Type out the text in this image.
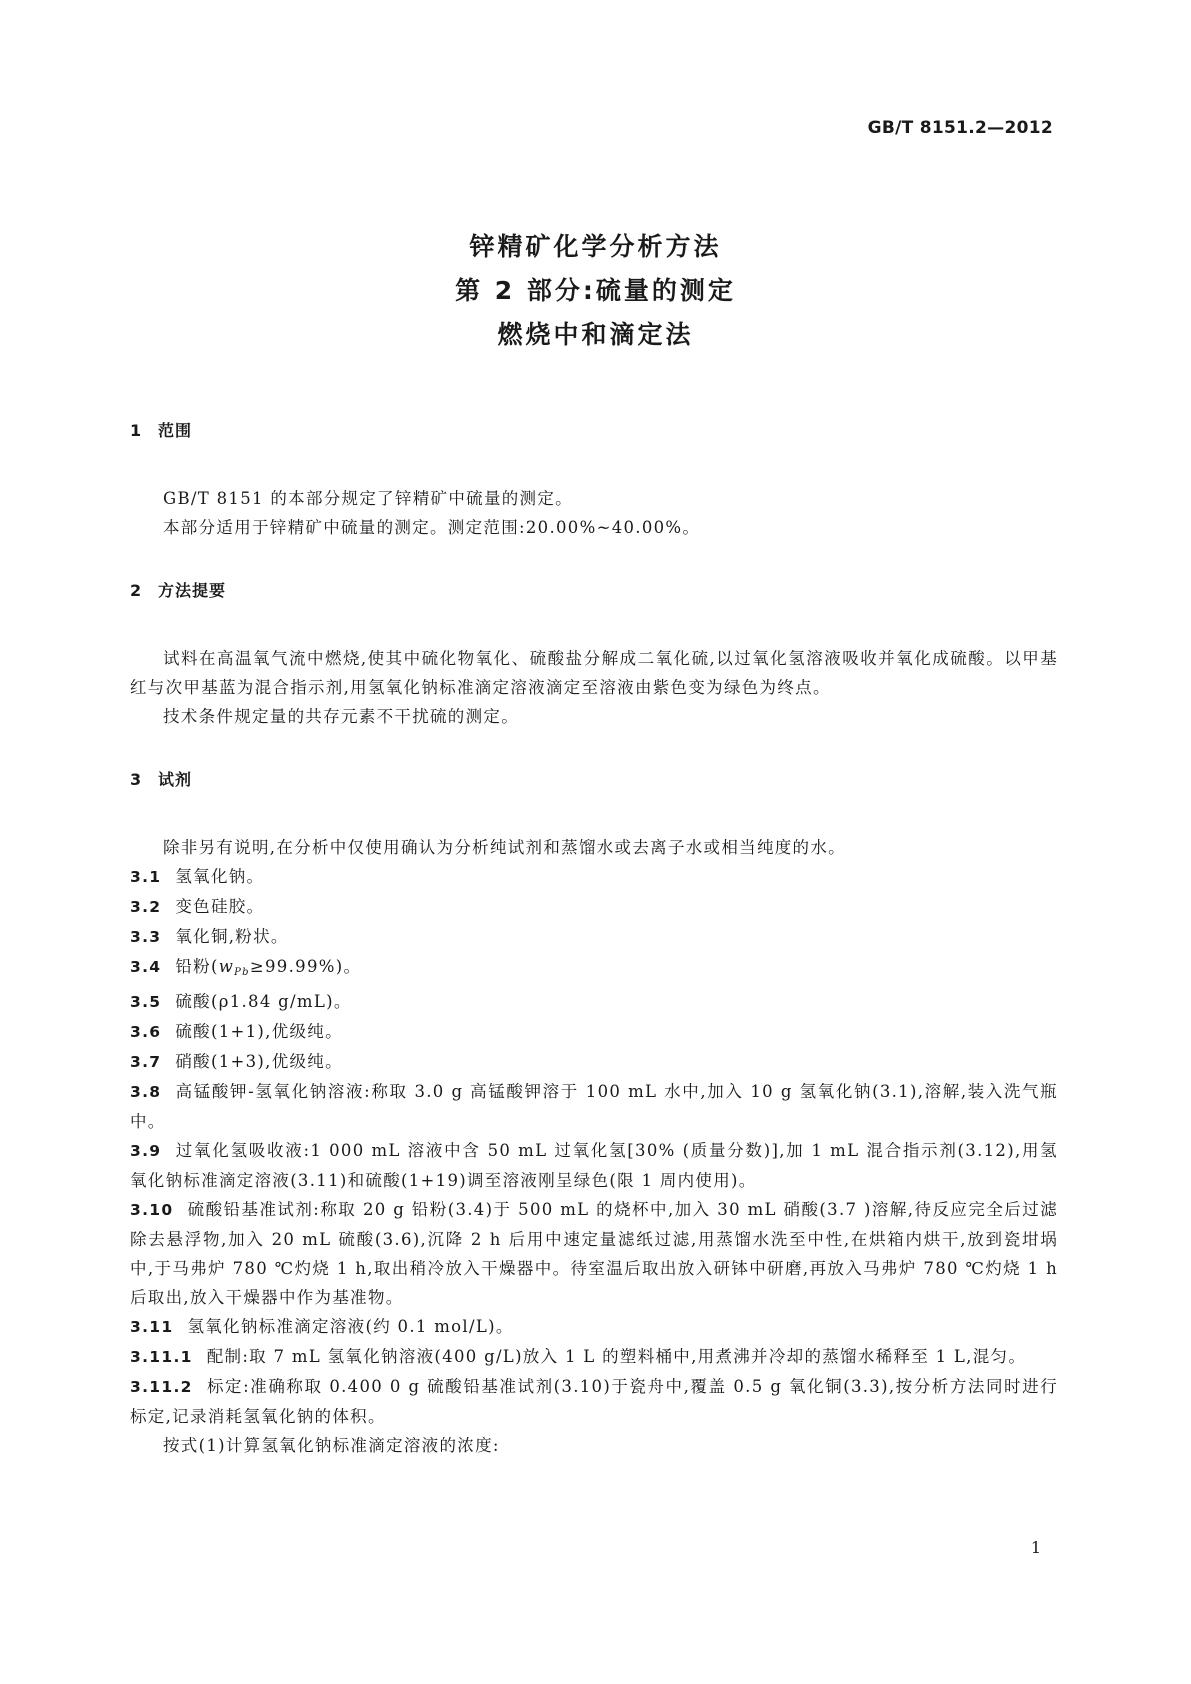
GB/T 8151.2—2012
锌精矿化学分析方法
第 2 部分:硫量的测定
燃烧中和滴定法
1 范围

GB/T 8151 的本部分规定了锌精矿中硫量的测定。

本部分适用于锌精矿中硫量的测定。测定范围:20.00%~40.00%。

2 方法提要

试料在高温氧气流中燃烧,使其中硫化物氧化、硫酸盐分解成二氧化硫,以过氧化氢溶液吸收并氧化成硫酸。以甲基红与次甲基蓝为混合指示剂,用氢氧化钠标准滴定溶液滴定至溶液由紫色变为绿色为终点。

技术条件规定量的共存元素不干扰硫的测定。

3 试剂

除非另有说明,在分析中仅使用确认为分析纯试剂和蒸馏水或去离子水或相当纯度的水。

3.1 氢氧化钠。

3.2 变色硅胶。

3.3 氧化铜,粉状。

3.4 铅粉$(w_{Pb}\ge 99.99\%)$。

3.5 硫酸(ρ1.84 g/mL)。

3.6 硫酸(1+1),优级纯。

3.7 硝酸(1+3),优级纯。

3.8 高锰酸钾-氢氧化钠溶液:称取 3.0 g 高锰酸钾溶于 100 mL 水中,加入 10 g 氢氧化钠(3.1),溶解,装入洗气瓶中。

3.9 过氧化氢吸收液:1 000 mL 溶液中含 50 mL 过氧化氢[30% (质量分数)],加 1 mL 混合指示剂(3.12),用氢氧化钠标准滴定溶液(3.11)和硫酸(1+19)调至溶液刚呈绿色(限 1 周内使用)。

3.10 硫酸铅基准试剂:称取 20 g 铅粉(3.4)于 500 mL 的烧杯中,加入 30 mL 硝酸(3.7 )溶解,待反应完全后过滤除去悬浮物,加入 20 mL 硫酸(3.6),沉降 2 h 后用中速定量滤纸过滤,用蒸馏水洗至中性,在烘箱内烘干,放到瓷坩埚中,于马弗炉 780 ℃灼烧 1 h,取出稍冷放入干燥器中。待室温后取出放入研钵中研磨,再放入马弗炉 780 ℃灼烧 1 h 后取出,放入干燥器中作为基准物。

3.11 氢氧化钠标准滴定溶液(约 0.1 mol/L)。

3.11.1 配制:取 7 mL 氢氧化钠溶液(400 g/L)放入 1 L 的塑料桶中,用煮沸并冷却的蒸馏水稀释至 1 L,混匀。

3.11.2 标定:准确称取 0.400 0 g 硫酸铅基准试剂(3.10)于瓷舟中,覆盖 0.5 g 氧化铜(3.3),按分析方法同时进行标定,记录消耗氢氧化钠的体积。

按式(1)计算氢氧化钠标准滴定溶液的浓度:

1
